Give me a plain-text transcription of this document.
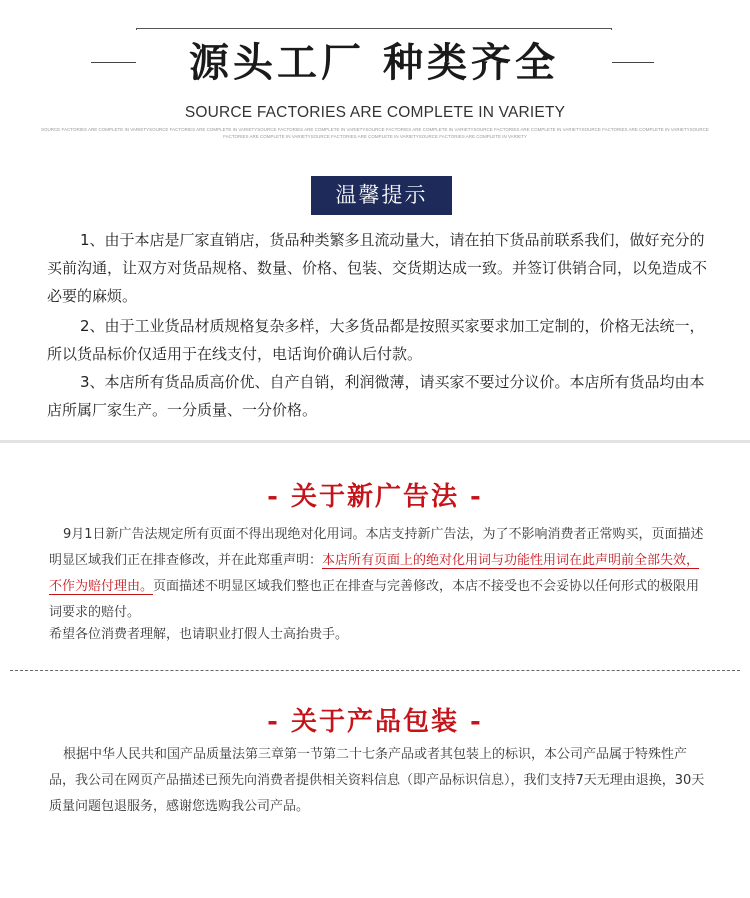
源头工厂 种类齐全
SOURCE FACTORIES ARE COMPLETE IN VARIETY
SOURCE FACTORIES ARE COMPLETE IN VARIETYSOURCE FACTORIES ARE COMPLETE IN VARIETYSOURCE FACTORIES ARE COMPLETE IN VARIETYSOURCE FACTORIES ARE COMPLETE IN VARIETYSOURCE FACTORIES ARE COMPLETE IN VARIETYSOURCE FACTORIES ARE COMPLETE IN VARIETYSOURCE
FACTORIES ARE COMPLETE IN VARIETYSOURCE FACTORIES ARE COMPLETE IN VARIETYSOURCE FACTORIES ARE COMPLETE IN VARIETY
温馨提示

1、由于本店是厂家直销店，货品种类繁多且流动量大，请在拍下货品前联系我们，做好充分的买前沟通，让双方对货品规格、数量、价格、包装、交货期达成一致。并签订供销合同，以免造成不必要的麻烦。

2、由于工业货品材质规格复杂多样，大多货品都是按照买家要求加工定制的，价格无法统一，所以货品标价仅适用于在线支付，电话询价确认后付款。

3、本店所有货品质高价优、自产自销，利润微薄，请买家不要过分议价。本店所有货品均由本店所属厂家生产。一分质量、一分价格。

- 关于新广告法 -

9月1日新广告法规定所有页面不得出现绝对化用词。本店支持新广告法，为了不影响消费者正常购买，页面描述明显区域我们正在排查修改，并在此郑重声明：本店所有页面上的绝对化用词与功能性用词在此声明前全部失效，不作为赔付理由。页面描述不明显区域我们整也正在排查与完善修改，本店不接受也不会妥协以任何形式的极限用词要求的赔付。

希望各位消费者理解，也请职业打假人士高抬贵手。

- 关于产品包装 -

根据中华人民共和国产品质量法第三章第一节第二十七条产品或者其包装上的标识，本公司产品属于特殊性产品，我公司在网页产品描述已预先向消费者提供相关资料信息（即产品标识信息），我们支持7天无理由退换，30天质量问题包退服务，感谢您选购我公司产品。
